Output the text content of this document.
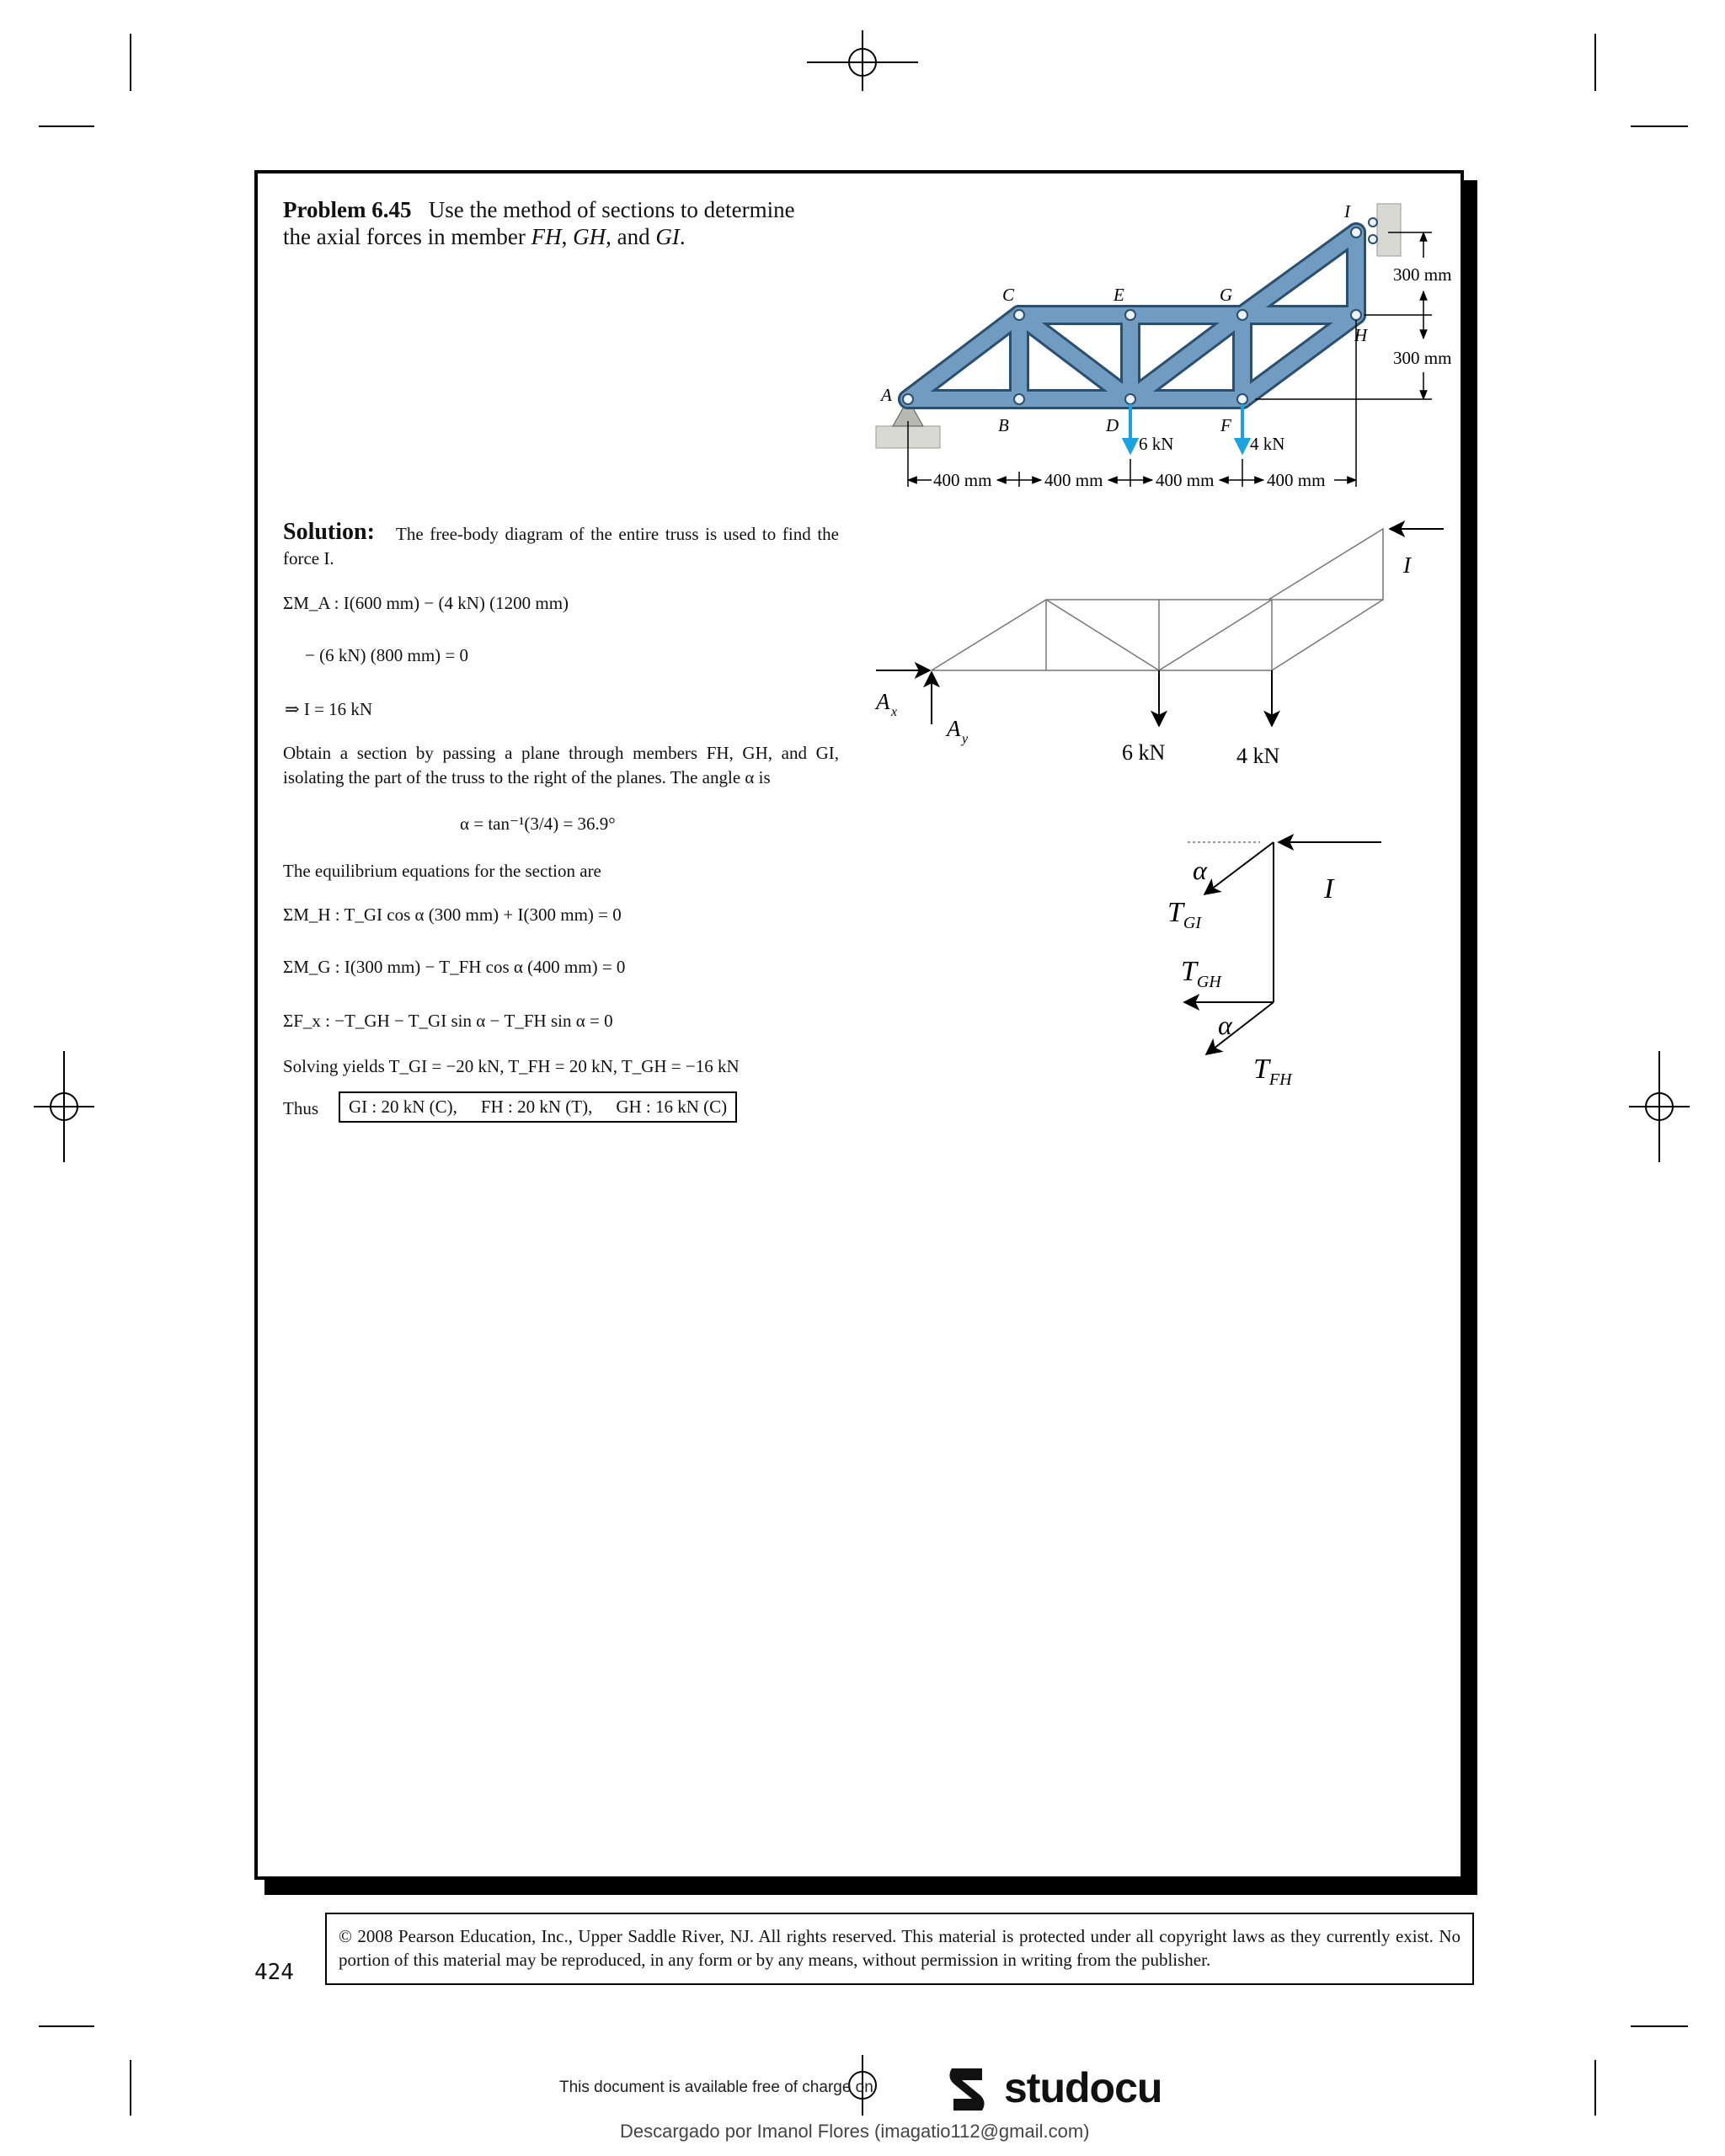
Problem 6.45 Use the method of sections to determine
the axial forces in member FH, GH, and GI.
A
B
C
D
E
F
G
H
I
6 kN	4 kN
400 mm	400 mm	400 mm	400 mm
300 mm
300 mm
I
A x
A y
6 kN	4 kN
α
I
α
$T_{GI}$
$T_{GH}$
$T_{FH}$
Solution:	The free-body diagram of the entire truss is used to find the force I.
ΣM_A : I(600 mm) − (4 kN) (1200 mm)
− (6 kN) (800 mm) = 0
⇒ I = 16 kN
Obtain a section by passing a plane through members FH, GH, and GI, isolating the part of the truss to the right of the planes. The angle α is
α = tan⁻¹(3/4) = 36.9°
The equilibrium equations for the section are
ΣM_H : T_GI cos α (300 mm) + I(300 mm) = 0
ΣM_G : I(300 mm) − T_FH cos α (400 mm) = 0
ΣF_x : −T_GH − T_GI sin α − T_FH sin α = 0
Solving yields T_GI = −20 kN, T_FH = 20 kN, T_GH = −16 kN
Thus	GI : 20 kN (C), FH : 20 kN (T), GH : 16 kN (C)
© 2008 Pearson Education, Inc., Upper Saddle River, NJ. All rights reserved. This material is protected under all copyright laws as they currently exist. No portion of this material may be reproduced, in any form or by any means, without permission in writing from the publisher.
424
This document is available free of charge on	studocu
Descargado por Imanol Flores (imagatio112@gmail.com)
